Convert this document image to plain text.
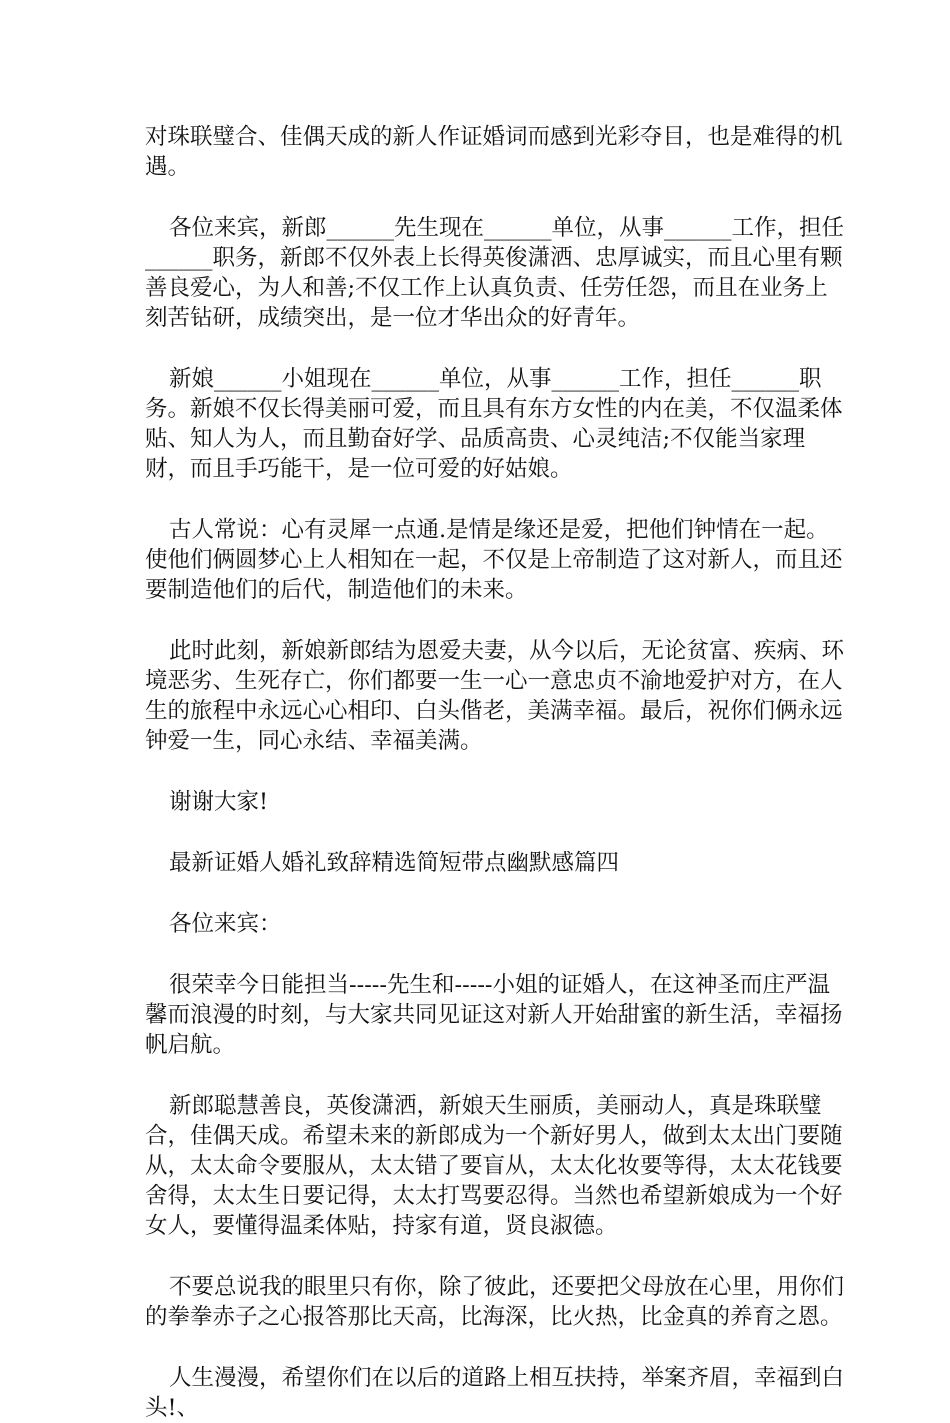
对珠联璧合、佳偶天成的新人作证婚词而感到光彩夺目，也是难得的机遇。

各位来宾，新郎______先生现在______单位，从事______工作，担任______职务，新郎不仅外表上长得英俊潇洒、忠厚诚实，而且心里有颗善良爱心，为人和善;不仅工作上认真负责、任劳任怨，而且在业务上刻苦钻研，成绩突出，是一位才华出众的好青年。

新娘______小姐现在______单位，从事______工作，担任______职务。新娘不仅长得美丽可爱，而且具有东方女性的内在美，不仅温柔体贴、知人为人，而且勤奋好学、品质高贵、心灵纯洁;不仅能当家理财，而且手巧能干，是一位可爱的好姑娘。

古人常说：心有灵犀一点通.是情是缘还是爱，把他们钟情在一起。使他们俩圆梦心上人相知在一起，不仅是上帝制造了这对新人，而且还要制造他们的后代，制造他们的未来。

此时此刻，新娘新郎结为恩爱夫妻，从今以后，无论贫富、疾病、环境恶劣、生死存亡，你们都要一生一心一意忠贞不渝地爱护对方，在人生的旅程中永远心心相印、白头偕老，美满幸福。最后，祝你们俩永远钟爱一生，同心永结、幸福美满。

谢谢大家!

最新证婚人婚礼致辞精选简短带点幽默感篇四

各位来宾：

很荣幸今日能担当-----先生和-----小姐的证婚人，在这神圣而庄严温馨而浪漫的时刻，与大家共同见证这对新人开始甜蜜的新生活，幸福扬帆启航。

新郎聪慧善良，英俊潇洒，新娘天生丽质，美丽动人，真是珠联璧合，佳偶天成。希望未来的新郎成为一个新好男人，做到太太出门要随从，太太命令要服从，太太错了要盲从，太太化妆要等得，太太花钱要舍得，太太生日要记得，太太打骂要忍得。当然也希望新娘成为一个好女人，要懂得温柔体贴，持家有道，贤良淑德。

不要总说我的眼里只有你，除了彼此，还要把父母放在心里，用你们的拳拳赤子之心报答那比天高，比海深，比火热，比金真的养育之恩。

人生漫漫，希望你们在以后的道路上相互扶持，举案齐眉，幸福到白头!、
